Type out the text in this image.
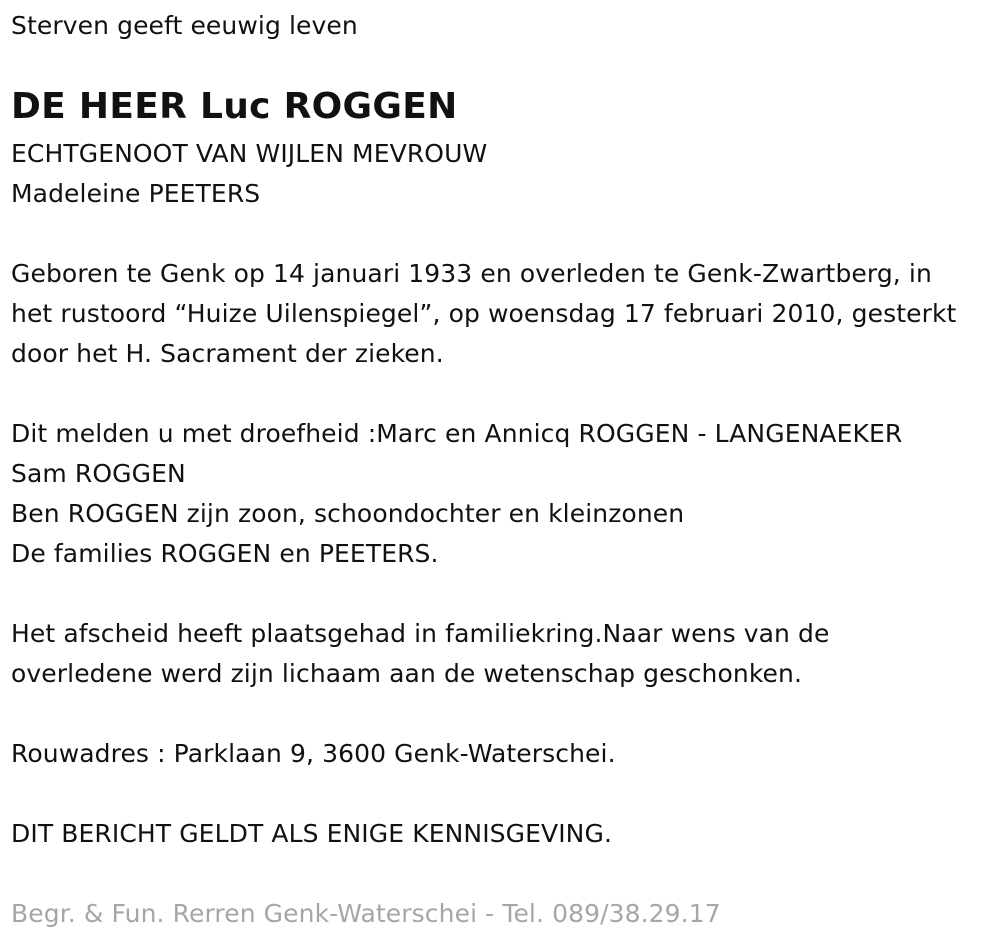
Sterven geeft eeuwig leven
DE HEER Luc ROGGEN
ECHTGENOOT VAN WIJLEN MEVROUW
Madeleine PEETERS
Geboren te Genk op 14 januari 1933 en overleden te Genk-Zwartberg, in
het rustoord “Huize Uilenspiegel”, op woensdag 17 februari 2010, gesterkt
door het H. Sacrament der zieken.
Dit melden u met droefheid :Marc en Annicq ROGGEN - LANGENAEKER
Sam ROGGEN
Ben ROGGEN zijn zoon, schoondochter en kleinzonen
De families ROGGEN en PEETERS.
Het afscheid heeft plaatsgehad in familiekring.Naar wens van de
overledene werd zijn lichaam aan de wetenschap geschonken.
Rouwadres : Parklaan 9, 3600 Genk-Waterschei.
DIT BERICHT GELDT ALS ENIGE KENNISGEVING.
Begr. & Fun. Rerren Genk-Waterschei - Tel. 089/38.29.17
